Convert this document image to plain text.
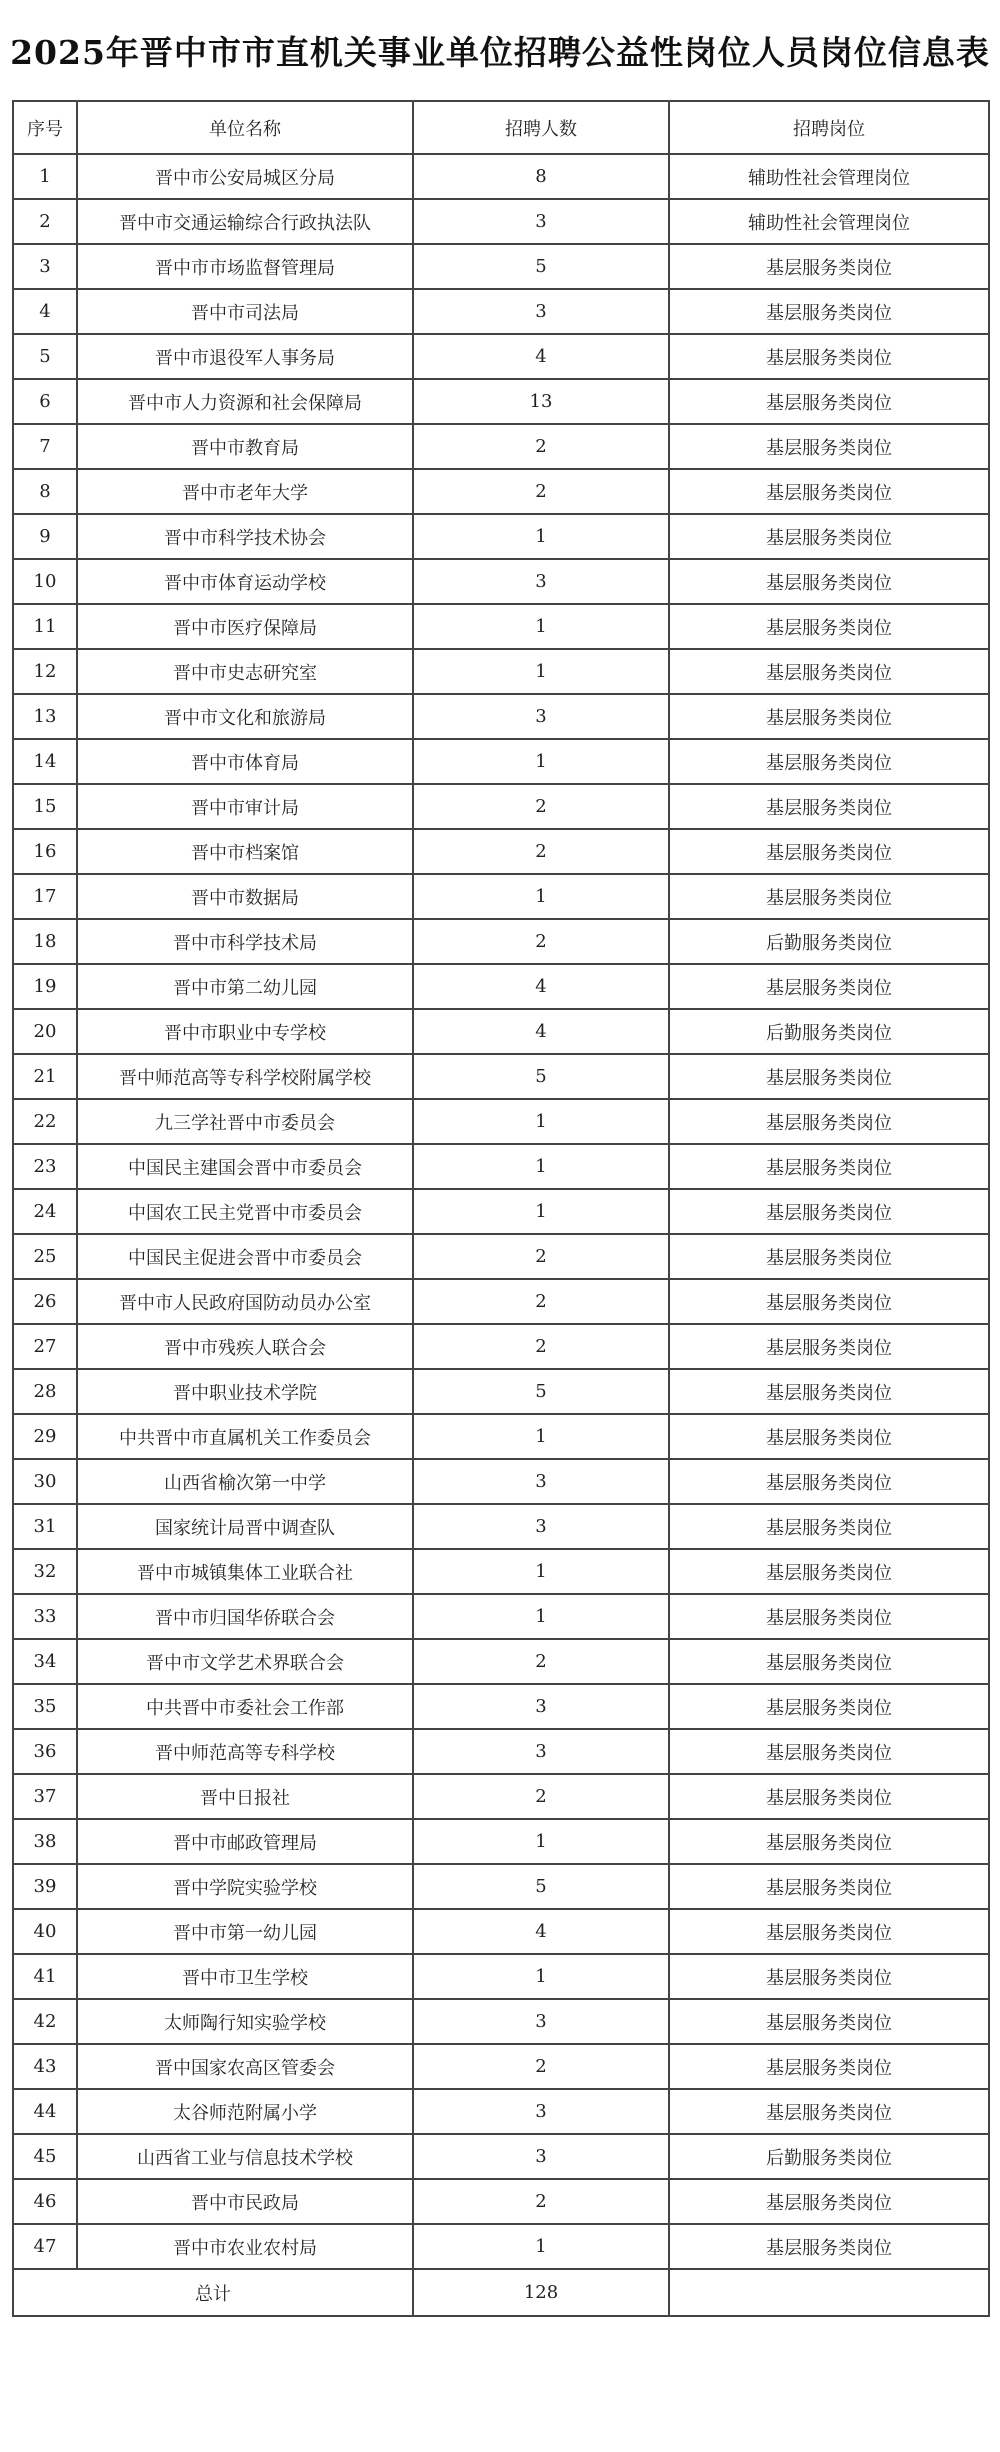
2025年晋中市市直机关事业单位招聘公益性岗位人员岗位信息表
序号	单位名称	招聘人数	招聘岗位
1	晋中市公安局城区分局	8	辅助性社会管理岗位
2	晋中市交通运输综合行政执法队	3	辅助性社会管理岗位
3	晋中市市场监督管理局	5	基层服务类岗位
4	晋中市司法局	3	基层服务类岗位
5	晋中市退役军人事务局	4	基层服务类岗位
6	晋中市人力资源和社会保障局	13	基层服务类岗位
7	晋中市教育局	2	基层服务类岗位
8	晋中市老年大学	2	基层服务类岗位
9	晋中市科学技术协会	1	基层服务类岗位
10	晋中市体育运动学校	3	基层服务类岗位
11	晋中市医疗保障局	1	基层服务类岗位
12	晋中市史志研究室	1	基层服务类岗位
13	晋中市文化和旅游局	3	基层服务类岗位
14	晋中市体育局	1	基层服务类岗位
15	晋中市审计局	2	基层服务类岗位
16	晋中市档案馆	2	基层服务类岗位
17	晋中市数据局	1	基层服务类岗位
18	晋中市科学技术局	2	后勤服务类岗位
19	晋中市第二幼儿园	4	基层服务类岗位
20	晋中市职业中专学校	4	后勤服务类岗位
21	晋中师范高等专科学校附属学校	5	基层服务类岗位
22	九三学社晋中市委员会	1	基层服务类岗位
23	中国民主建国会晋中市委员会	1	基层服务类岗位
24	中国农工民主党晋中市委员会	1	基层服务类岗位
25	中国民主促进会晋中市委员会	2	基层服务类岗位
26	晋中市人民政府国防动员办公室	2	基层服务类岗位
27	晋中市残疾人联合会	2	基层服务类岗位
28	晋中职业技术学院	5	基层服务类岗位
29	中共晋中市直属机关工作委员会	1	基层服务类岗位
30	山西省榆次第一中学	3	基层服务类岗位
31	国家统计局晋中调查队	3	基层服务类岗位
32	晋中市城镇集体工业联合社	1	基层服务类岗位
33	晋中市归国华侨联合会	1	基层服务类岗位
34	晋中市文学艺术界联合会	2	基层服务类岗位
35	中共晋中市委社会工作部	3	基层服务类岗位
36	晋中师范高等专科学校	3	基层服务类岗位
37	晋中日报社	2	基层服务类岗位
38	晋中市邮政管理局	1	基层服务类岗位
39	晋中学院实验学校	5	基层服务类岗位
40	晋中市第一幼儿园	4	基层服务类岗位
41	晋中市卫生学校	1	基层服务类岗位
42	太师陶行知实验学校	3	基层服务类岗位
43	晋中国家农高区管委会	2	基层服务类岗位
44	太谷师范附属小学	3	基层服务类岗位
45	山西省工业与信息技术学校	3	后勤服务类岗位
46	晋中市民政局	2	基层服务类岗位
47	晋中市农业农村局	1	基层服务类岗位
总计		128	
